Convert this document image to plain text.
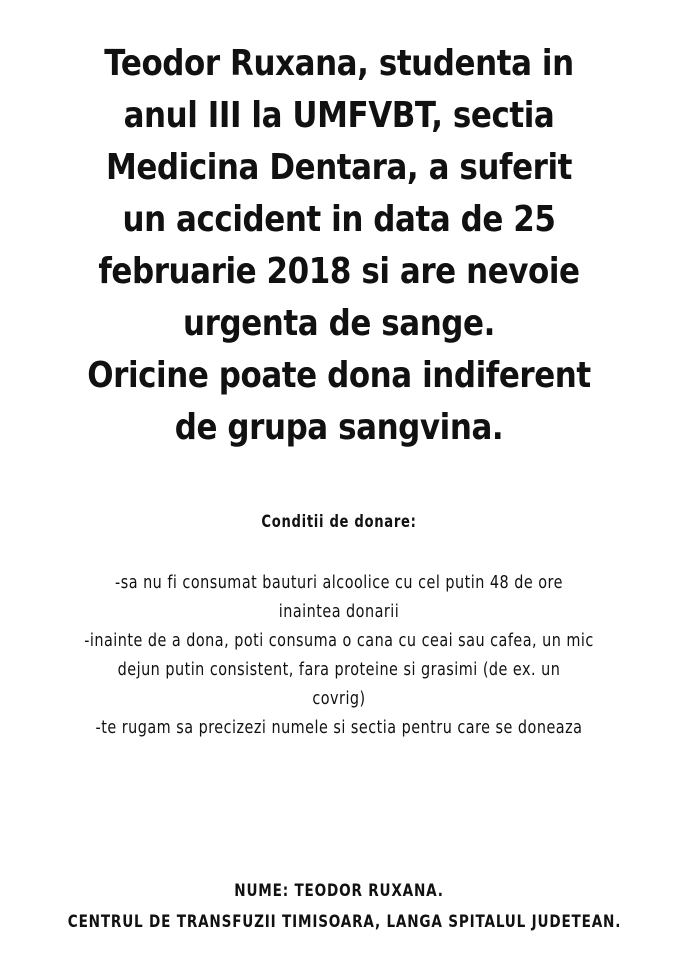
Teodor Ruxana, studenta in
anul III la UMFVBT, sectia
Medicina Dentara, a suferit
un accident in data de 25
februarie 2018 si are nevoie
urgenta de sange.
Oricine poate dona indiferent
de grupa sangvina.
Conditii de donare:
-sa nu fi consumat bauturi alcoolice cu cel putin 48 de ore
inaintea donarii
-inainte de a dona, poti consuma o cana cu ceai sau cafea, un mic
dejun putin consistent, fara proteine si grasimi (de ex. un
covrig)
-te rugam sa precizezi numele si sectia pentru care se doneaza
NUME: TEODOR RUXANA.
CENTRUL DE TRANSFUZII TIMISOARA, LANGA SPITALUL JUDETEAN.
